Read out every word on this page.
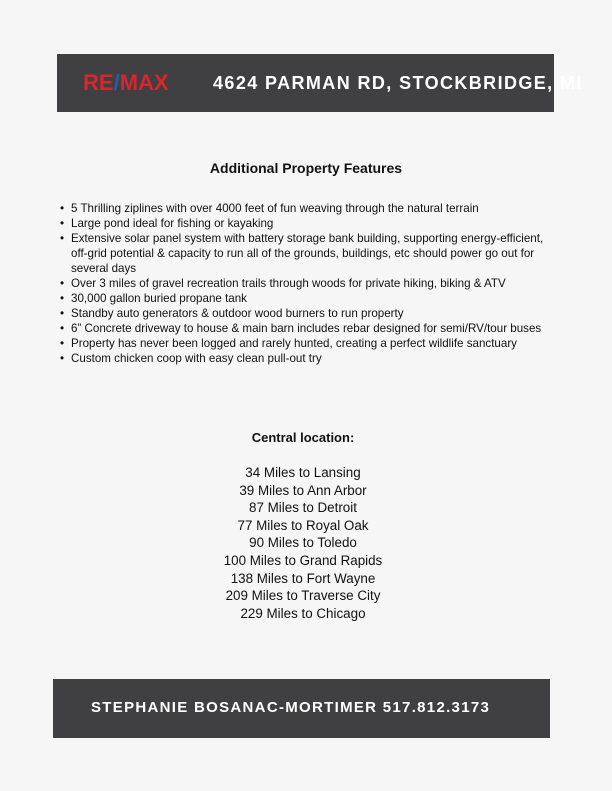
RE/MAX 4624 PARMAN RD, STOCKBRIDGE, MI
Additional Property Features
• 5 Thrilling ziplines with over 4000 feet of fun weaving through the natural terrain
• Large pond ideal for fishing or kayaking
• Extensive solar panel system with battery storage bank building, supporting energy-efficient, off-grid potential & capacity to run all of the grounds, buildings, etc should power go out for several days
• Over 3 miles of gravel recreation trails through woods for private hiking, biking & ATV
• 30,000 gallon buried propane tank
• Standby auto generators & outdoor wood burners to run property
• 6” Concrete driveway to house & main barn includes rebar designed for semi/RV/tour buses
• Property has never been logged and rarely hunted, creating a perfect wildlife sanctuary
• Custom chicken coop with easy clean pull-out try
Central location:
34 Miles to Lansing
39 Miles to Ann Arbor
87 Miles to Detroit
77 Miles to Royal Oak
90 Miles to Toledo
100 Miles to Grand Rapids
138 Miles to Fort Wayne
209 Miles to Traverse City
229 Miles to Chicago
STEPHANIE BOSANAC-MORTIMER 517.812.3173
